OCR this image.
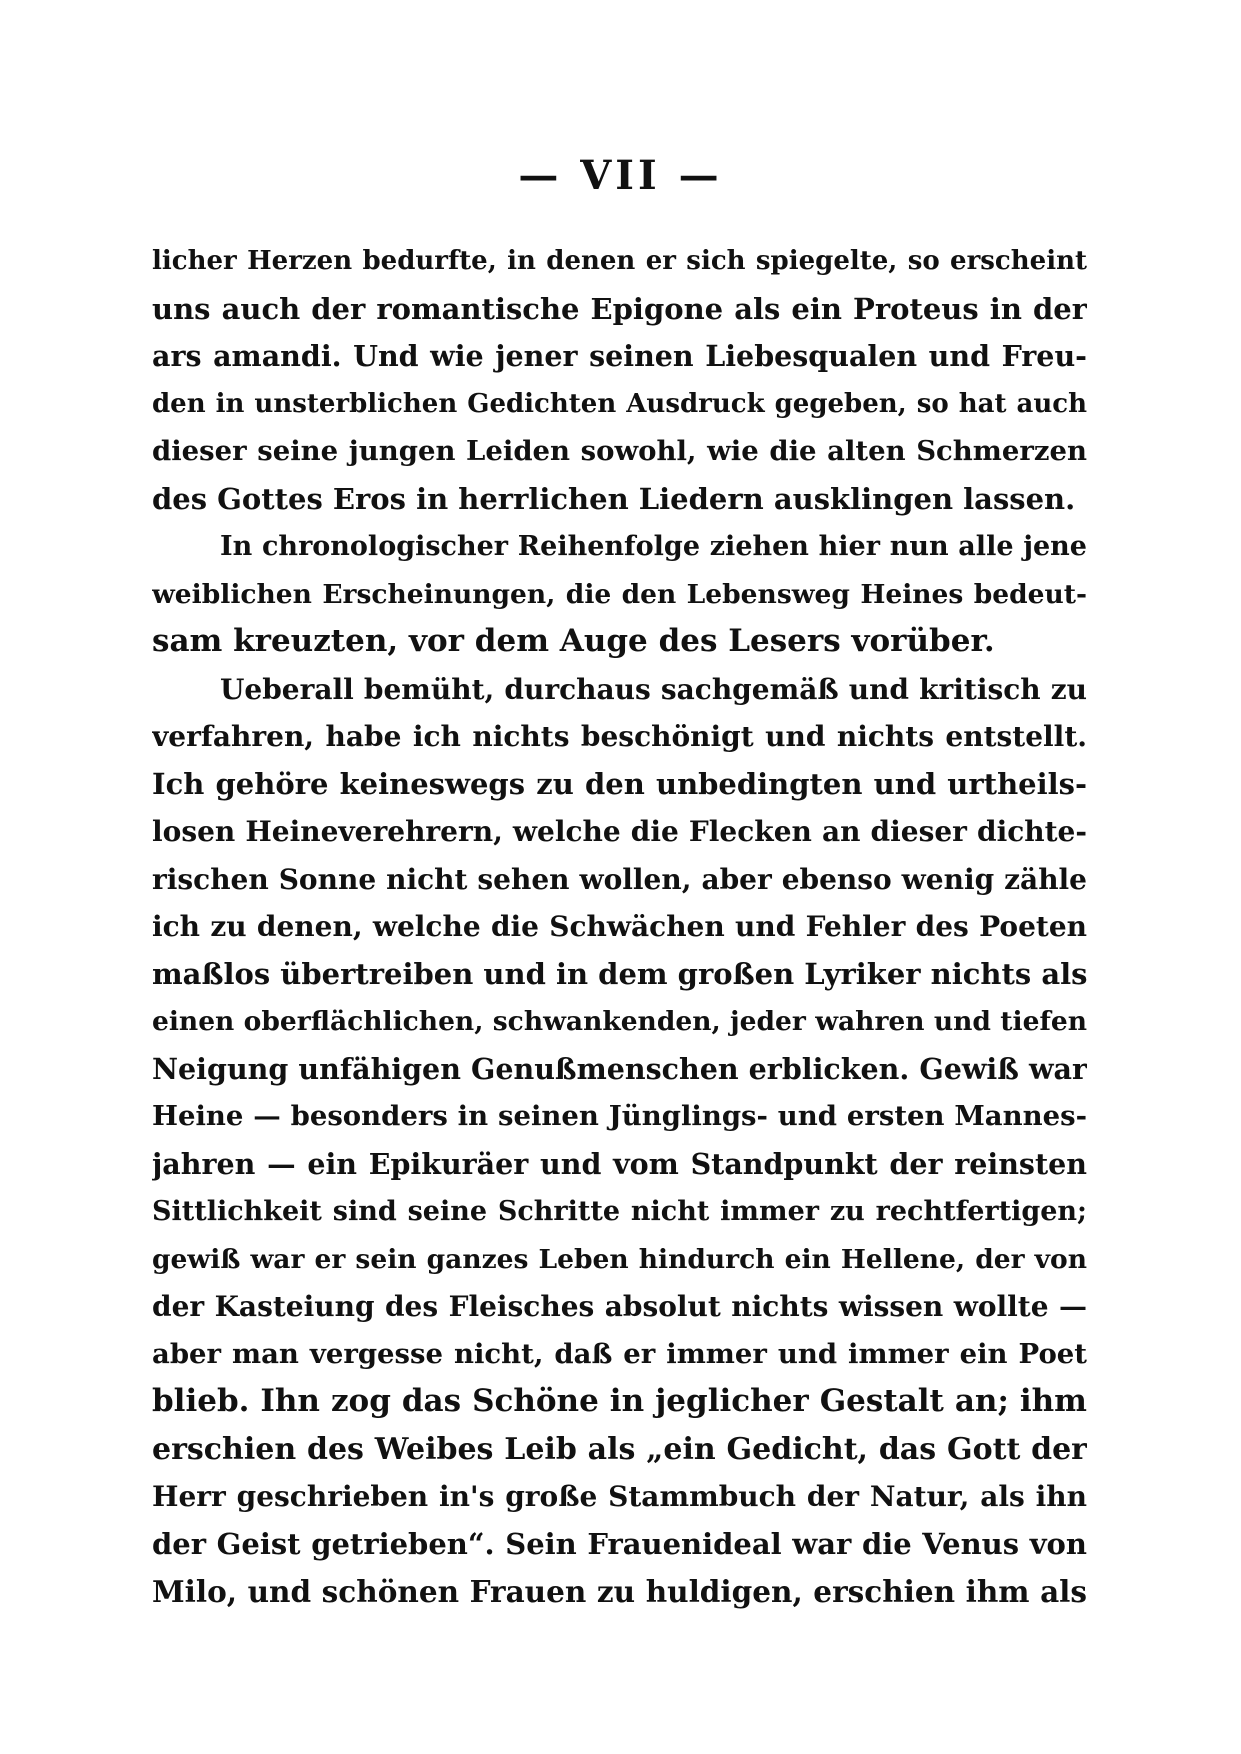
— VII —
licher Herzen bedurfte, in denen er sich spiegelte, so erscheint
uns auch der romantische Epigone als ein Proteus in der
ars amandi. Und wie jener seinen Liebesqualen und Freu-
den in unsterblichen Gedichten Ausdruck gegeben, so hat auch
dieser seine jungen Leiden sowohl, wie die alten Schmerzen
des Gottes Eros in herrlichen Liedern ausklingen lassen.
In chronologischer Reihenfolge ziehen hier nun alle jene
weiblichen Erscheinungen, die den Lebensweg Heines bedeut-
sam kreuzten, vor dem Auge des Lesers vorüber.
Ueberall bemüht, durchaus sachgemäß und kritisch zu
verfahren, habe ich nichts beschönigt und nichts entstellt.
Ich gehöre keineswegs zu den unbedingten und urtheils-
losen Heineverehrern, welche die Flecken an dieser dichte-
rischen Sonne nicht sehen wollen, aber ebenso wenig zähle
ich zu denen, welche die Schwächen und Fehler des Poeten
maßlos übertreiben und in dem großen Lyriker nichts als
einen oberflächlichen, schwankenden, jeder wahren und tiefen
Neigung unfähigen Genußmenschen erblicken. Gewiß war
Heine — besonders in seinen Jünglings- und ersten Mannes-
jahren — ein Epikuräer und vom Standpunkt der reinsten
Sittlichkeit sind seine Schritte nicht immer zu rechtfertigen;
gewiß war er sein ganzes Leben hindurch ein Hellene, der von
der Kasteiung des Fleisches absolut nichts wissen wollte —
aber man vergesse nicht, daß er immer und immer ein Poet
blieb. Ihn zog das Schöne in jeglicher Gestalt an; ihm
erschien des Weibes Leib als „ein Gedicht, das Gott der
Herr geschrieben in's große Stammbuch der Natur, als ihn
der Geist getrieben“. Sein Frauenideal war die Venus von
Milo, und schönen Frauen zu huldigen, erschien ihm als
